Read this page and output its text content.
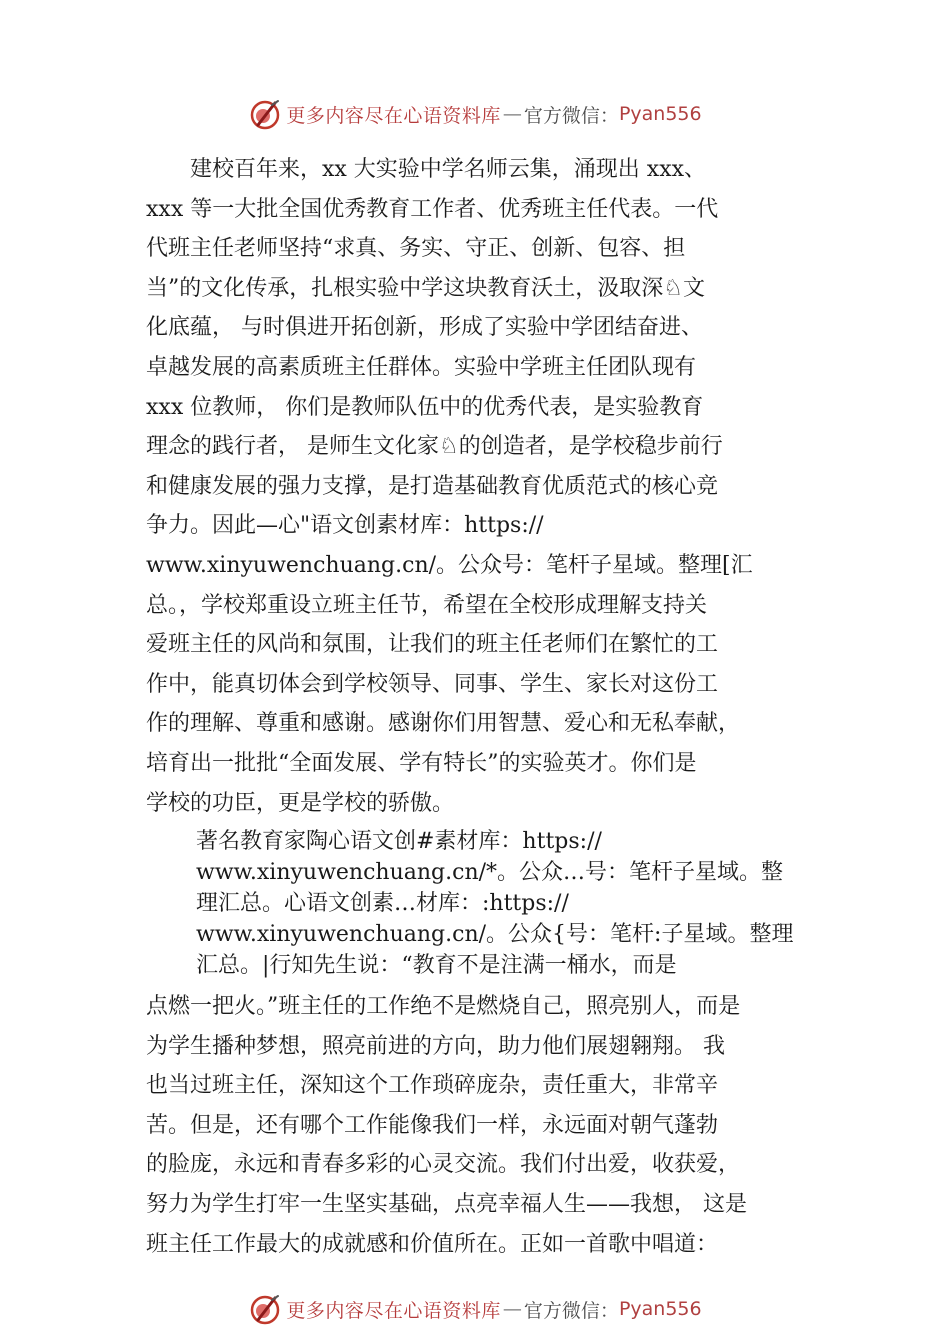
更多内容尽在心语资料库 — 官方微信： Pyan556
　　建校百年来，xx 大实验中学名师云集，涌现出 xxx、
xxx 等一大批全国优秀教育工作者、优秀班主任代表。一代
代班主任老师坚持“求真、务实、守正、创新、包容、担
当”的文化传承，扎根实验中学这块教育沃土，汲取深♘文
化底蕴， 与时俱进开拓创新，形成了实验中学团结奋进、
卓越发展的高素质班主任群体。实验中学班主任团队现有
xxx 位教师， 你们是教师队伍中的优秀代表，是实验教育
理念的践行者， 是师生文化家♘的创造者，是学校稳步前行
和健康发展的强力支撑，是打造基础教育优质范式的核心竞
争力。因此—心"语文创素材库：https://
www.xinyuwenchuang.cn/。公众号：笔杆子星域。整理[汇
总。，学校郑重设立班主任节，希望在全校形成理解支持关
爱班主任的风尚和氛围，让我们的班主任老师们在繁忙的工
作中，能真切体会到学校领导、同事、学生、家长对这份工
作的理解、尊重和感谢。感谢你们用智慧、爱心和无私奉献，
培育出一批批“全面发展、学有特长”的实验英才。你们是
学校的功臣，更是学校的骄傲。
著名教育家陶心语文创#素材库：https://
www.xinyuwenchuang.cn/*。公众…号：笔杆子星域。整
理汇总。心语文创素…材库：:https://
www.xinyuwenchuang.cn/。公众{号：笔杆:子星域。整理
汇总。|行知先生说：“教育不是注满一桶水，而是
点燃一把火。”班主任的工作绝不是燃烧自己，照亮别人，而是
为学生播种梦想，照亮前进的方向，助力他们展翅翱翔。 我
也当过班主任，深知这个工作琐碎庞杂，责任重大，非常辛
苦。但是，还有哪个工作能像我们一样，永远面对朝气蓬勃
的脸庞，永远和青春多彩的心灵交流。我们付出爱，收获爱，
努力为学生打牢一生坚实基础，点亮幸福人生——我想， 这是
班主任工作最大的成就感和价值所在。正如一首歌中唱道：
更多内容尽在心语资料库 — 官方微信： Pyan556
